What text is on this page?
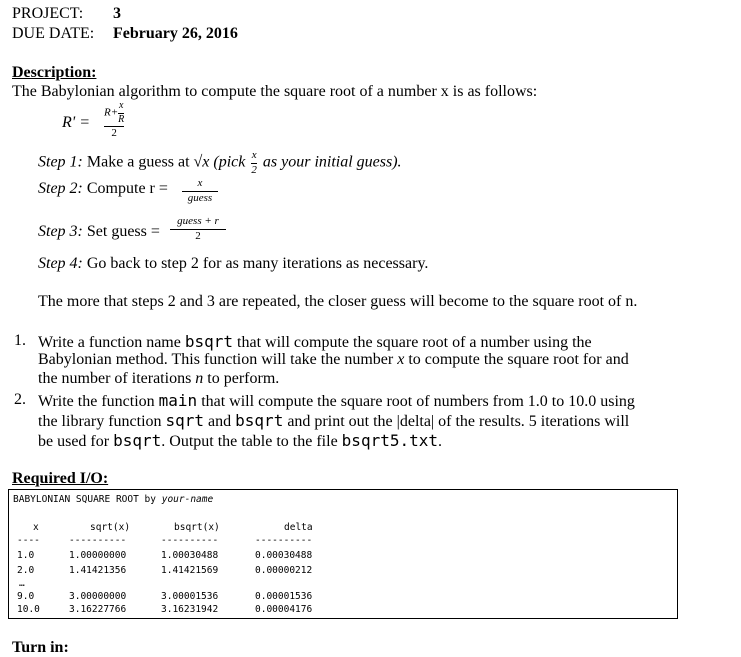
PROJECT: 3
DUE DATE: February 26, 2016
Description:
The Babylonian algorithm to compute the square root of a number x is as follows:
$R' = \frac{R+ \frac{x}{R}}{2}$
Step 1: Make a guess at √x (pick $\frac{x}{2}$ as your initial guess).
Step 2: Compute $r = \frac{x}{\text{guess}}$
Step 3: Set guess = $\frac{\text{guess + r}}{2}$
Step 4: Go back to step 2 for as many iterations as necessary.
The more that steps 2 and 3 are repeated, the closer guess will become to the square root of n.
1. Write a function name bsqrt that will compute the square root of a number using the
Babylonian method. This function will take the number x to compute the square root for and
the number of iterations n to perform.
2. Write the function main that will compute the square root of numbers from 1.0 to 10.0 using
the library function sqrt and bsqrt and print out the |delta| of the results. 5 iterations will
be used for bsqrt. Output the table to the file bsqrt5.txt.
Required I/O:
BABYLONIAN SQUARE ROOT by your-name
x	sqrt(x)	bsqrt(x)	delta
----	----------	----------	----------
1.0	1.00000000	1.00030488	0.00030488
2.0	1.41421356	1.41421569	0.00000212
…
9.0	3.00000000	3.00001536	0.00001536
10.0	3.16227766	3.16231942	0.00004176
Turn in:
